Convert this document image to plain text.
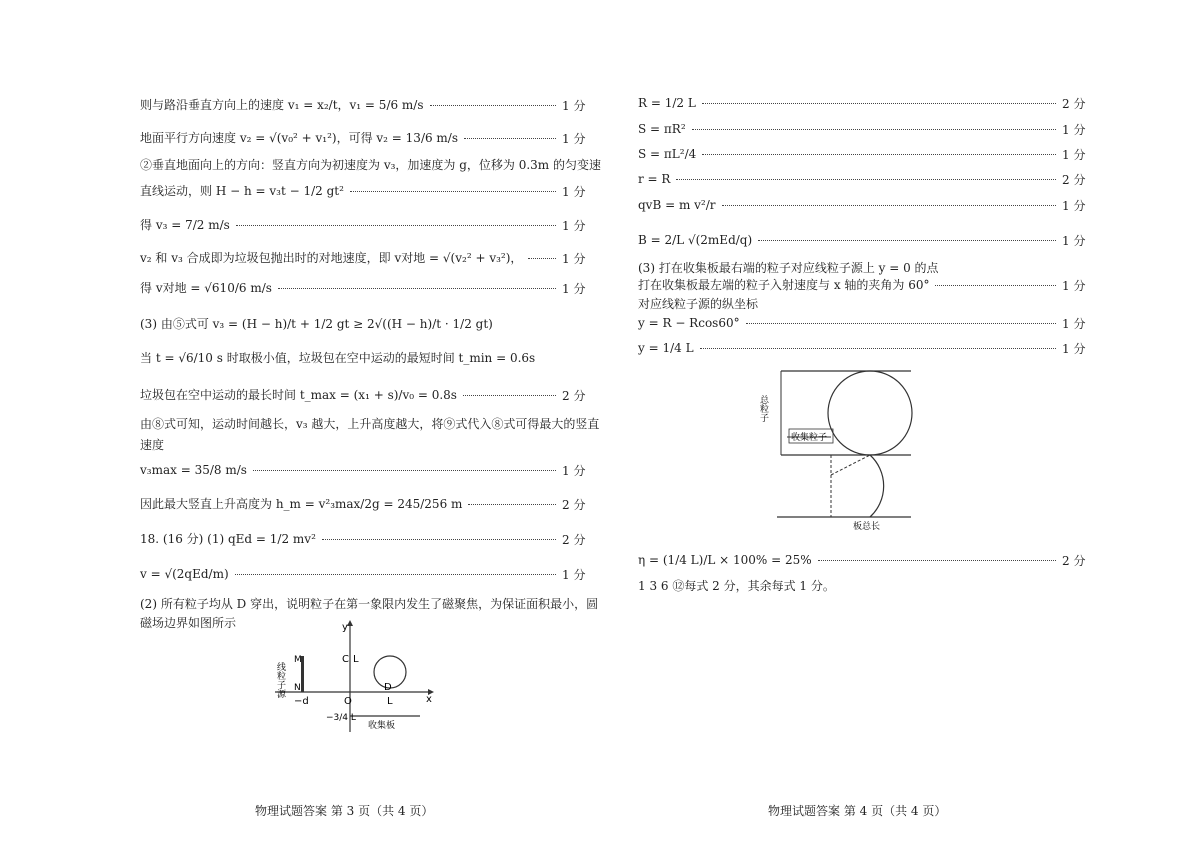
则与路沿垂直方向上的速度 v₁ = x₂/t，v₁ = 5/6 m/s	1 分
地面平行方向速度 v₂ = √(v₀² + v₁²)，可得 v₂ = 13/6 m/s	1 分
②垂直地面向上的方向：竖直方向为初速度为 v₃，加速度为 g，位移为 0.3m 的匀变速
直线运动，则 H − h = v₃t − 1/2 gt²	1 分
得 v₃ = 7/2 m/s	1 分
v₂ 和 v₃ 合成即为垃圾包抛出时的对地速度，即 v对地 = √(v₂² + v₃²)，	1 分
得 v对地 = √610/6 m/s	1 分
(3) 由⑤式可 v₃ = (H − h)/t + 1/2 gt ≥ 2√((H − h)/t · 1/2 gt)
当 t = √6/10 s 时取极小值，垃圾包在空中运动的最短时间 t_min = 0.6s
垃圾包在空中运动的最长时间 t_max = (x₁ + s)/v₀ = 0.8s	2 分
由⑧式可知，运动时间越长，v₃ 越大，上升高度越大，将⑨式代入⑧式可得最大的竖直
速度
v₃max = 35/8 m/s	1 分
因此最大竖直上升高度为 h_m = v²₃max/2g = 245/256 m	2 分
18. (16 分) (1) qEd = 1/2 mv²	2 分
v = √(2qEd/m)	1 分
(2) 所有粒子均从 D 穿出，说明粒子在第一象限内发生了磁聚焦，为保证面积最小，圆
磁场边界如图所示	y
x
O
C L
D
L
−d
M
N
线粒子源
−3/4 L
收集板
物理试题答案 第 3 页（共 4 页）
R = 1/2 L	2 分
S = πR²	1 分
S = πL²/4	1 分
r = R	2 分
qvB = m v²/r	1 分
B = 2/L √(2mEd/q)	1 分
(3) 打在收集板最右端的粒子对应线粒子源上 y = 0 的点
打在收集板最左端的粒子入射速度与 x 轴的夹角为 60°	1 分
对应线粒子源的纵坐标
y = R − Rcos60°	1 分
y = 1/4 L	1 分
总粒子
收集粒子
板总长
η = (1/4 L)/L × 100% = 25%	2 分
1 3 6 ⑫每式 2 分，其余每式 1 分。
物理试题答案 第 4 页（共 4 页）
